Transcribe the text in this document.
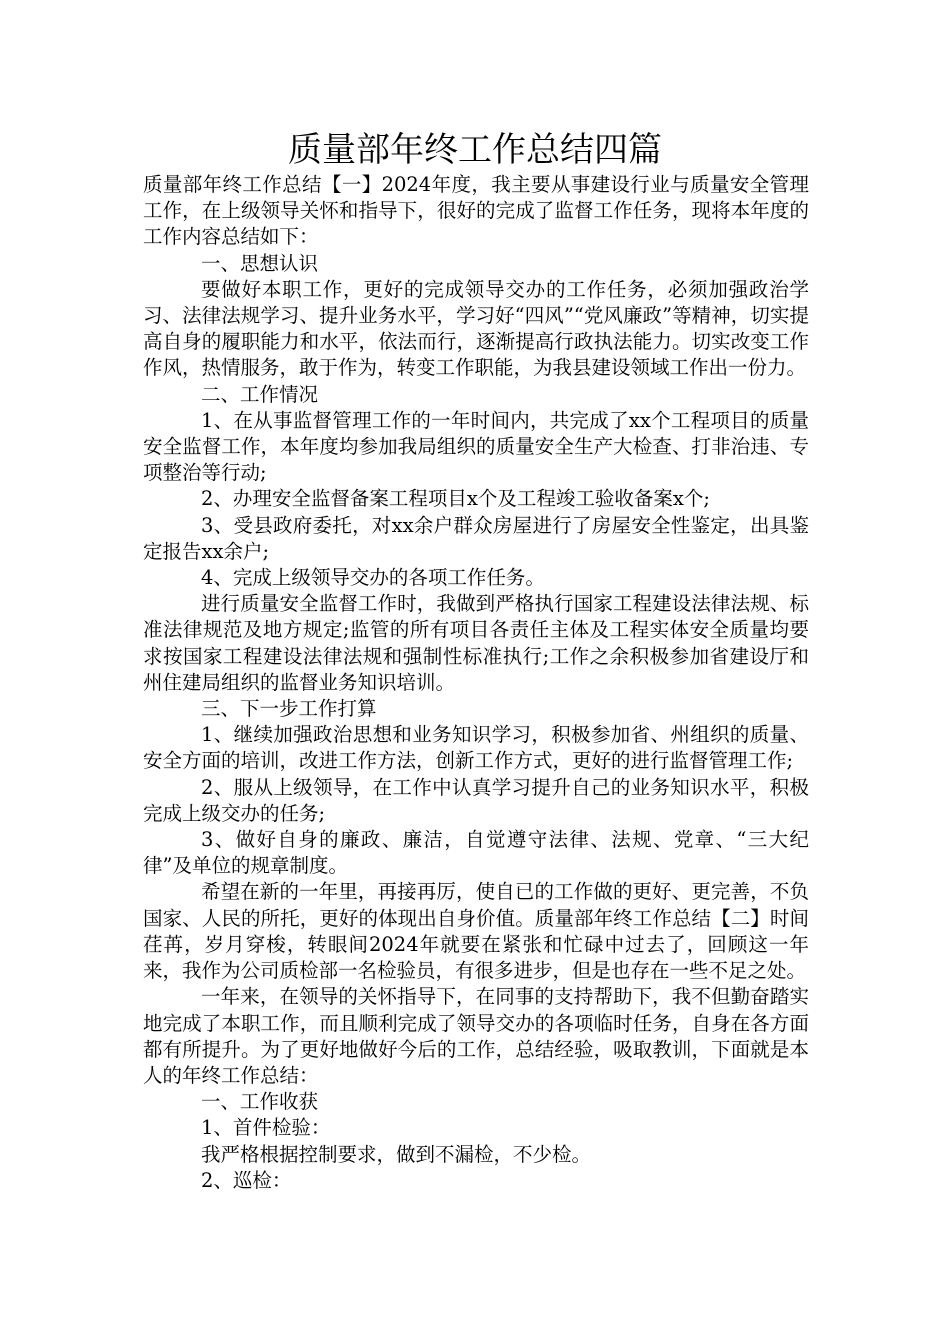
质量部年终工作总结四篇

质量部年终工作总结【一】2024年度，我主要从事建设行业与质量安全管理工作，在上级领导关怀和指导下，很好的完成了监督工作任务，现将本年度的工作内容总结如下：

一、思想认识

要做好本职工作，更好的完成领导交办的工作任务，必须加强政治学习、法律法规学习、提升业务水平，学习好“四风”“党风廉政”等精神，切实提高自身的履职能力和水平，依法而行，逐渐提高行政执法能力。切实改变工作作风，热情服务，敢于作为，转变工作职能，为我县建设领域工作出一份力。

二、工作情况

1、在从事监督管理工作的一年时间内，共完成了xx个工程项目的质量安全监督工作，本年度均参加我局组织的质量安全生产大检查、打非治违、专项整治等行动;

2、办理安全监督备案工程项目x个及工程竣工验收备案x个;

3、受县政府委托，对xx余户群众房屋进行了房屋安全性鉴定，出具鉴定报告xx余户;

4、完成上级领导交办的各项工作任务。

进行质量安全监督工作时，我做到严格执行国家工程建设法律法规、标准法律规范及地方规定;监管的所有项目各责任主体及工程实体安全质量均要求按国家工程建设法律法规和强制性标准执行;工作之余积极参加省建设厅和州住建局组织的监督业务知识培训。

三、下一步工作打算

1、继续加强政治思想和业务知识学习，积极参加省、州组织的质量、安全方面的培训，改进工作方法，创新工作方式，更好的进行监督管理工作;

2、服从上级领导，在工作中认真学习提升自己的业务知识水平，积极完成上级交办的任务;

3、做好自身的廉政、廉洁，自觉遵守法律、法规、党章、“三大纪律”及单位的规章制度。

希望在新的一年里，再接再厉，使自已的工作做的更好、更完善，不负国家、人民的所托，更好的体现出自身价值。质量部年终工作总结【二】时间荏苒，岁月穿梭，转眼间2024年就要在紧张和忙碌中过去了，回顾这一年来，我作为公司质检部一名检验员，有很多进步，但是也存在一些不足之处。

一年来，在领导的关怀指导下，在同事的支持帮助下，我不但勤奋踏实地完成了本职工作，而且顺利完成了领导交办的各项临时任务，自身在各方面都有所提升。为了更好地做好今后的工作，总结经验，吸取教训，下面就是本人的年终工作总结：

一、工作收获

1、首件检验：

我严格根据控制要求，做到不漏检，不少检。

2、巡检：
